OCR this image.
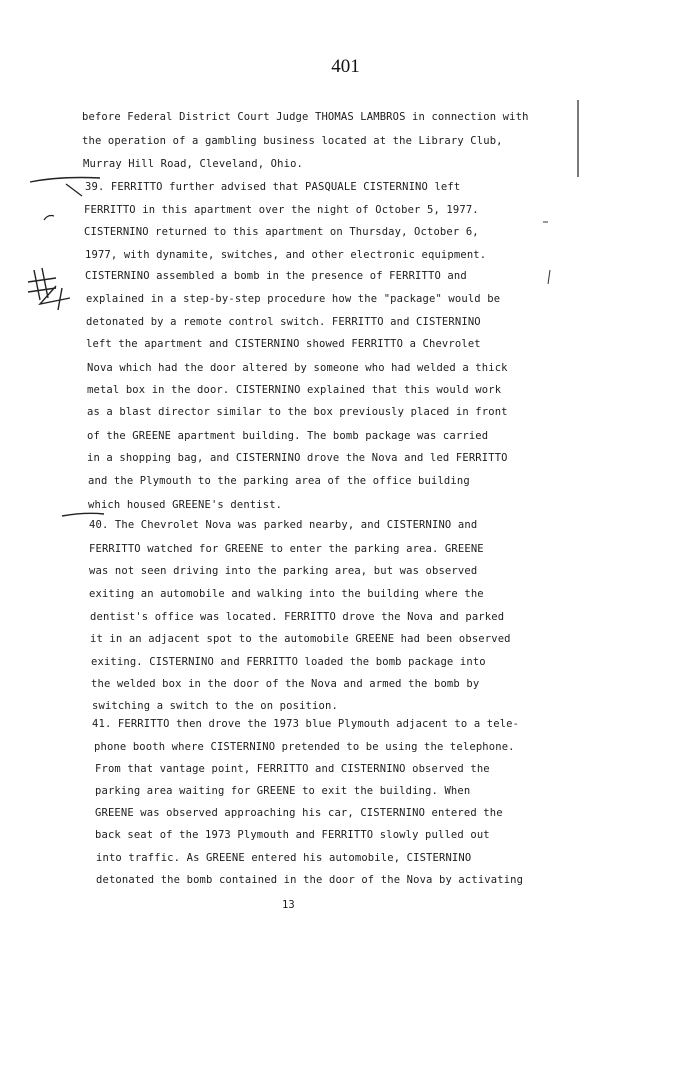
401
before Federal District Court Judge THOMAS LAMBROS in connection with
the operation of a gambling business located at the Library Club,
Murray Hill Road, Cleveland, Ohio.
39. FERRITTO further advised that PASQUALE CISTERNINO left
FERRITTO in this apartment over the night of October 5, 1977.
CISTERNINO returned to this apartment on Thursday, October 6,
1977, with dynamite, switches, and other electronic equipment.
CISTERNINO assembled a bomb in the presence of FERRITTO and
explained in a step-by-step procedure how the "package" would be
detonated by a remote control switch. FERRITTO and CISTERNINO
left the apartment and CISTERNINO showed FERRITTO a Chevrolet
Nova which had the door altered by someone who had welded a thick
metal box in the door. CISTERNINO explained that this would work
as a blast director similar to the box previously placed in front
of the GREENE apartment building. The bomb package was carried
in a shopping bag, and CISTERNINO drove the Nova and led FERRITTO
and the Plymouth to the parking area of the office building
which housed GREENE's dentist.
40. The Chevrolet Nova was parked nearby, and CISTERNINO and
FERRITTO watched for GREENE to enter the parking area. GREENE
was not seen driving into the parking area, but was observed
exiting an automobile and walking into the building where the
dentist's office was located. FERRITTO drove the Nova and parked
it in an adjacent spot to the automobile GREENE had been observed
exiting. CISTERNINO and FERRITTO loaded the bomb package into
the welded box in the door of the Nova and armed the bomb by
switching a switch to the on position.
41. FERRITTO then drove the 1973 blue Plymouth adjacent to a tele-
phone booth where CISTERNINO pretended to be using the telephone.
From that vantage point, FERRITTO and CISTERNINO observed the
parking area waiting for GREENE to exit the building. When
GREENE was observed approaching his car, CISTERNINO entered the
back seat of the 1973 Plymouth and FERRITTO slowly pulled out
into traffic. As GREENE entered his automobile, CISTERNINO
detonated the bomb contained in the door of the Nova by activating
13
